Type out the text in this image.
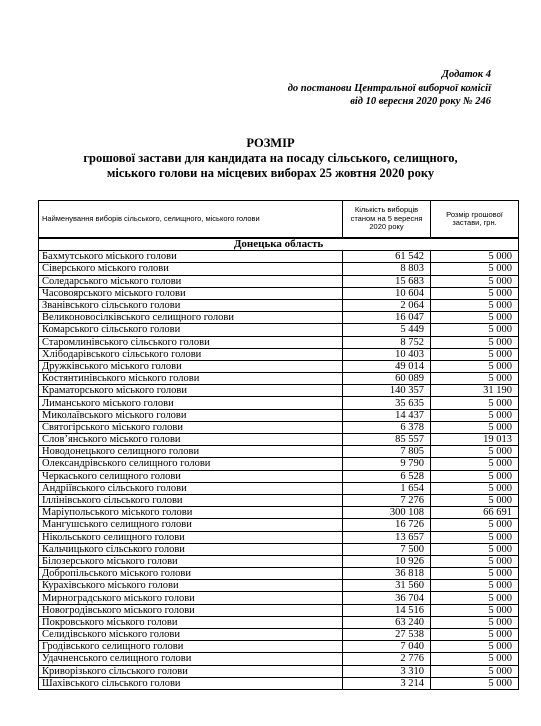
Додаток 4
до постанови Центральної виборчої комісії
від 10 вересня 2020 року № 246
РОЗМІР
грошової застави для кандидата на посаду сільського, селищного,
міського голови на місцевих виборах 25 жовтня 2020 року
Найменування виборів сільського, селищного, міського голови	Кількість виборців станом на 5 вересня 2020 року	Розмір грошової застави, грн.
Донецька область		
Бахмутського міського голови	61 542	5 000
Сіверського міського голови	8 803	5 000
Соледарського міського голови	15 683	5 000
Часовоярського міського голови	10 604	5 000
Званівського сільського голови	2 064	5 000
Великоновосілківського селищного голови	16 047	5 000
Комарського сільського голови	5 449	5 000
Старомлинівського сільського голови	8 752	5 000
Хлібодарівського сільського голови	10 403	5 000
Дружківського міського голови	49 014	5 000
Костянтинівського міського голови	60 089	5 000
Краматорського міського голови	140 357	31 190
Лиманського міського голови	35 635	5 000
Миколаївського міського голови	14 437	5 000
Святогірського міського голови	6 378	5 000
Слов’янського міського голови	85 557	19 013
Новодонецького селищного голови	7 805	5 000
Олександрівського селищного голови	9 790	5 000
Черкаського селищного голови	6 528	5 000
Андріївського сільського голови	1 654	5 000
Іллінівського сільського голови	7 276	5 000
Маріупольського міського голови	300 108	66 691
Мангушського селищного голови	16 726	5 000
Нікольського селищного голови	13 657	5 000
Кальчицького сільського голови	7 500	5 000
Білозерського міського голови	10 926	5 000
Добропільського міського голови	36 818	5 000
Курахівського міського голови	31 560	5 000
Мирноградського міського голови	36 704	5 000
Новогродівського міського голови	14 516	5 000
Покровського міського голови	63 240	5 000
Селидівського міського голови	27 538	5 000
Гродівського селищного голови	7 040	5 000
Удачненського селищного голови	2 776	5 000
Криворізького сільського голови	3 310	5 000
Шахівського сільського голови	3 214	5 000
